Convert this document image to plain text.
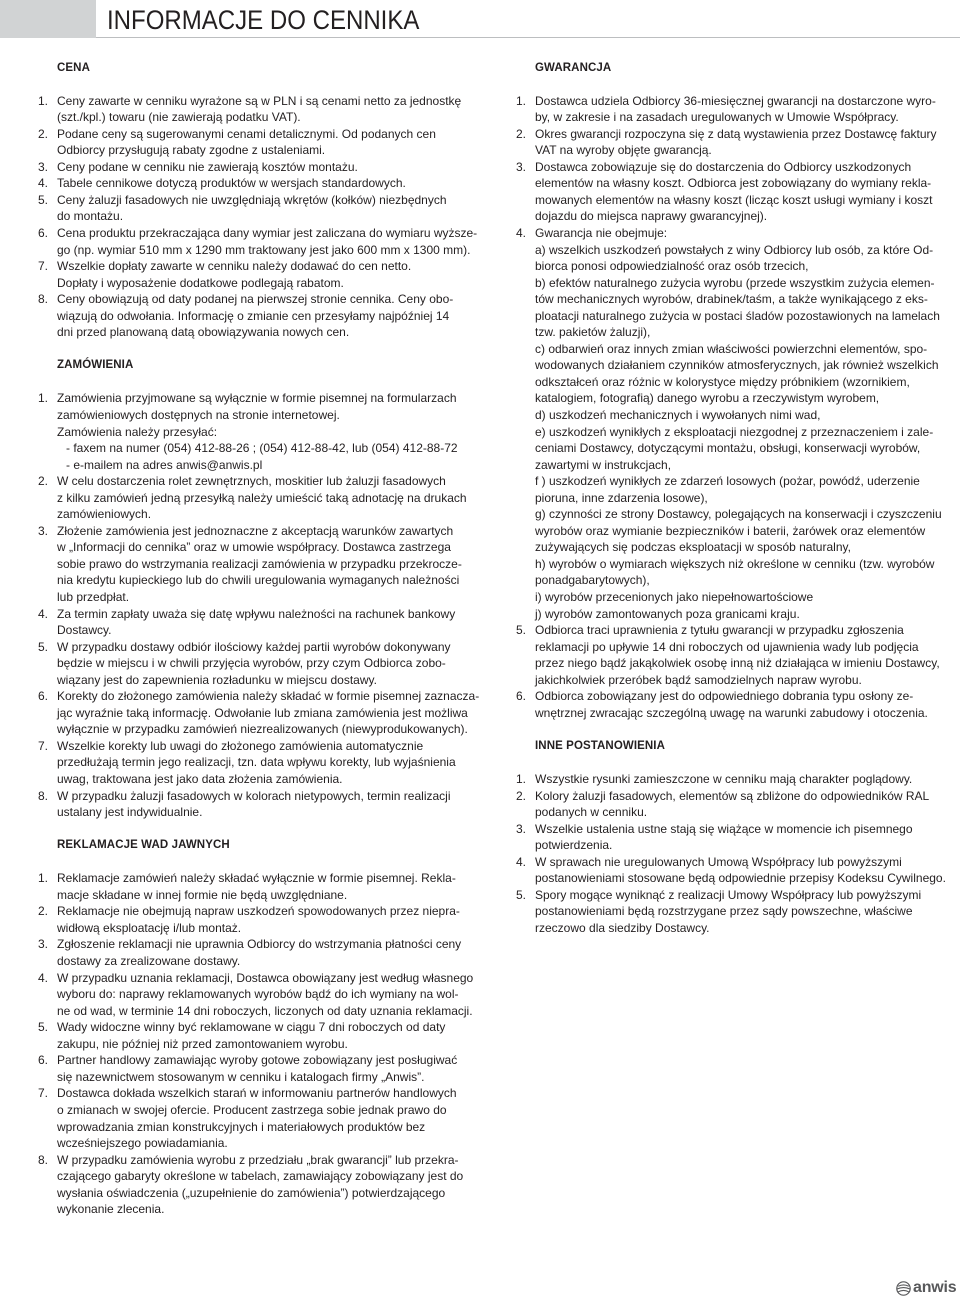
INFORMACJE DO CENNIKA
CENA
1. Ceny zawarte w cenniku wyrażone są w PLN i są cenami netto za jednostkę
(szt./kpl.) towaru (nie zawierają podatku VAT).
2. Podane ceny są sugerowanymi cenami detalicznymi. Od podanych cen
Odbiorcy przysługują rabaty zgodne z ustaleniami.
3. Ceny podane w cenniku nie zawierają kosztów montażu.
4. Tabele cennikowe dotyczą produktów w wersjach standardowych.
5. Ceny żaluzji fasadowych nie uwzględniają wkrętów (kołków) niezbędnych
do montażu.
6. Cena produktu przekraczająca dany wymiar jest zaliczana do wymiaru wyższe-
go (np. wymiar 510 mm x 1290 mm traktowany jest jako 600 mm x 1300 mm).
7. Wszelkie dopłaty zawarte w cenniku należy dodawać do cen netto.
Dopłaty i wyposażenie dodatkowe podlegają rabatom.
8. Ceny obowiązują od daty podanej na pierwszej stronie cennika. Ceny obo-
wiązują do odwołania. Informację o zmianie cen przesyłamy najpóźniej 14
dni przed planowaną datą obowiązywania nowych cen.
ZAMÓWIENIA
1. Zamówienia przyjmowane są wyłącznie w formie pisemnej na formularzach
zamówieniowych dostępnych na stronie internetowej.
Zamówienia należy przesyłać:
- faxem na numer (054) 412-88-26 ; (054) 412-88-42, lub (054) 412-88-72
- e-mailem na adres anwis@anwis.pl
2. W celu dostarczenia rolet zewnętrznych, moskitier lub żaluzji fasadowych
z kilku zamówień jedną przesyłką należy umieścić taką adnotację na drukach
zamówieniowych.
3. Złożenie zamówienia jest jednoznaczne z akceptacją warunków zawartych
w „Informacji do cennika” oraz w umowie współpracy. Dostawca zastrzega
sobie prawo do wstrzymania realizacji zamówienia w przypadku przekrocze-
nia kredytu kupieckiego lub do chwili uregulowania wymaganych należności
lub przedpłat.
4. Za termin zapłaty uważa się datę wpływu należności na rachunek bankowy
Dostawcy.
5. W przypadku dostawy odbiór ilościowy każdej partii wyrobów dokonywany
będzie w miejscu i w chwili przyjęcia wyrobów, przy czym Odbiorca zobo-
wiązany jest do zapewnienia rozładunku w miejscu dostawy.
6. Korekty do złożonego zamówienia należy składać w formie pisemnej zaznacza-
jąc wyraźnie taką informację. Odwołanie lub zmiana zamówienia jest możliwa
wyłącznie w przypadku zamówień niezrealizowanych (niewyprodukowanych).
7. Wszelkie korekty lub uwagi do złożonego zamówienia automatycznie
przedłużają termin jego realizacji, tzn. data wpływu korekty, lub wyjaśnienia
uwag, traktowana jest jako data złożenia zamówienia.
8. W przypadku żaluzji fasadowych w kolorach nietypowych, termin realizacji
ustalany jest indywidualnie.
REKLAMACJE WAD JAWNYCH
1. Reklamacje zamówień należy składać wyłącznie w formie pisemnej. Rekla-
macje składane w innej formie nie będą uwzględniane.
2. Reklamacje nie obejmują napraw uszkodzeń spowodowanych przez niepra-
widłową eksploatację i/lub montaż.
3. Zgłoszenie reklamacji nie uprawnia Odbiorcy do wstrzymania płatności ceny
dostawy za zrealizowane dostawy.
4. W przypadku uznania reklamacji, Dostawca obowiązany jest według własnego
wyboru do: naprawy reklamowanych wyrobów bądź do ich wymiany na wol-
ne od wad, w terminie 14 dni roboczych, liczonych od daty uznania reklamacji.
5. Wady widoczne winny być reklamowane w ciągu 7 dni roboczych od daty
zakupu, nie później niż przed zamontowaniem wyrobu.
6. Partner handlowy zamawiając wyroby gotowe zobowiązany jest posługiwać
się nazewnictwem stosowanym w cenniku i katalogach firmy „Anwis”.
7. Dostawca dokłada wszelkich starań w informowaniu partnerów handlowych
o zmianach w swojej ofercie. Producent zastrzega sobie jednak prawo do
wprowadzania zmian konstrukcyjnych i materiałowych produktów bez
wcześniejszego powiadamiania.
8. W przypadku zamówienia wyrobu z przedziału „brak gwarancji” lub przekra-
czającego gabaryty określone w tabelach, zamawiający zobowiązany jest do
wysłania oświadczenia („uzupełnienie do zamówienia”) potwierdzającego
wykonanie zlecenia.
GWARANCJA
1. Dostawca udziela Odbiorcy 36-miesięcznej gwarancji na dostarczone wyro-
by, w zakresie i na zasadach uregulowanych w Umowie Współpracy.
2. Okres gwarancji rozpoczyna się z datą wystawienia przez Dostawcę faktury
VAT na wyroby objęte gwarancją.
3. Dostawca zobowiązuje się do dostarczenia do Odbiorcy uszkodzonych
elementów na własny koszt. Odbiorca jest zobowiązany do wymiany rekla-
mowanych elementów na własny koszt (licząc koszt usługi wymiany i koszt
dojazdu do miejsca naprawy gwarancyjnej).
4. Gwarancja nie obejmuje:
a) wszelkich uszkodzeń powstałych z winy Odbiorcy lub osób, za które Od-
biorca ponosi odpowiedzialność oraz osób trzecich,
b) efektów naturalnego zużycia wyrobu (przede wszystkim zużycia elemen-
tów mechanicznych wyrobów, drabinek/taśm, a także wynikającego z eks-
ploatacji naturalnego zużycia w postaci śladów pozostawionych na lamelach
tzw. pakietów żaluzji),
c) odbarwień oraz innych zmian właściwości powierzchni elementów, spo-
wodowanych działaniem czynników atmosferycznych, jak również wszelkich
odkształceń oraz różnic w kolorystyce między próbnikiem (wzornikiem,
katalogiem, fotografią) danego wyrobu a rzeczywistym wyrobem,
d) uszkodzeń mechanicznych i wywołanych nimi wad,
e) uszkodzeń wynikłych z eksploatacji niezgodnej z przeznaczeniem i zale-
ceniami Dostawcy, dotyczącymi montażu, obsługi, konserwacji wyrobów,
zawartymi w instrukcjach,
f ) uszkodzeń wynikłych ze zdarzeń losowych (pożar, powódź, uderzenie
pioruna, inne zdarzenia losowe),
g) czynności ze strony Dostawcy, polegających na konserwacji i czyszczeniu
wyrobów oraz wymianie bezpieczników i baterii, żarówek oraz elementów
zużywających się podczas eksploatacji w sposób naturalny,
h) wyrobów o wymiarach większych niż określone w cenniku (tzw. wyrobów
ponadgabarytowych),
i) wyrobów przecenionych jako niepełnowartościowe
j) wyrobów zamontowanych poza granicami kraju.
5. Odbiorca traci uprawnienia z tytułu gwarancji w przypadku zgłoszenia
reklamacji po upływie 14 dni roboczych od ujawnienia wady lub podjęcia
przez niego bądź jakąkolwiek osobę inną niż działająca w imieniu Dostawcy,
jakichkolwiek przeróbek bądź samodzielnych napraw wyrobu.
6. Odbiorca zobowiązany jest do odpowiedniego dobrania typu osłony ze-
wnętrznej zwracając szczególną uwagę na warunki zabudowy i otoczenia.
INNE POSTANOWIENIA
1. Wszystkie rysunki zamieszczone w cenniku mają charakter poglądowy.
2. Kolory żaluzji fasadowych, elementów są zbliżone do odpowiedników RAL
podanych w cenniku.
3. Wszelkie ustalenia ustne stają się wiążące w momencie ich pisemnego
potwierdzenia.
4. W sprawach nie uregulowanych Umową Współpracy lub powyższymi
postanowieniami stosowane będą odpowiednie przepisy Kodeksu Cywilnego.
5. Spory mogące wyniknąć z realizacji Umowy Współpracy lub powyższymi
postanowieniami będą rozstrzygane przez sądy powszechne, właściwe
rzeczowo dla siedziby Dostawcy.
anwis
